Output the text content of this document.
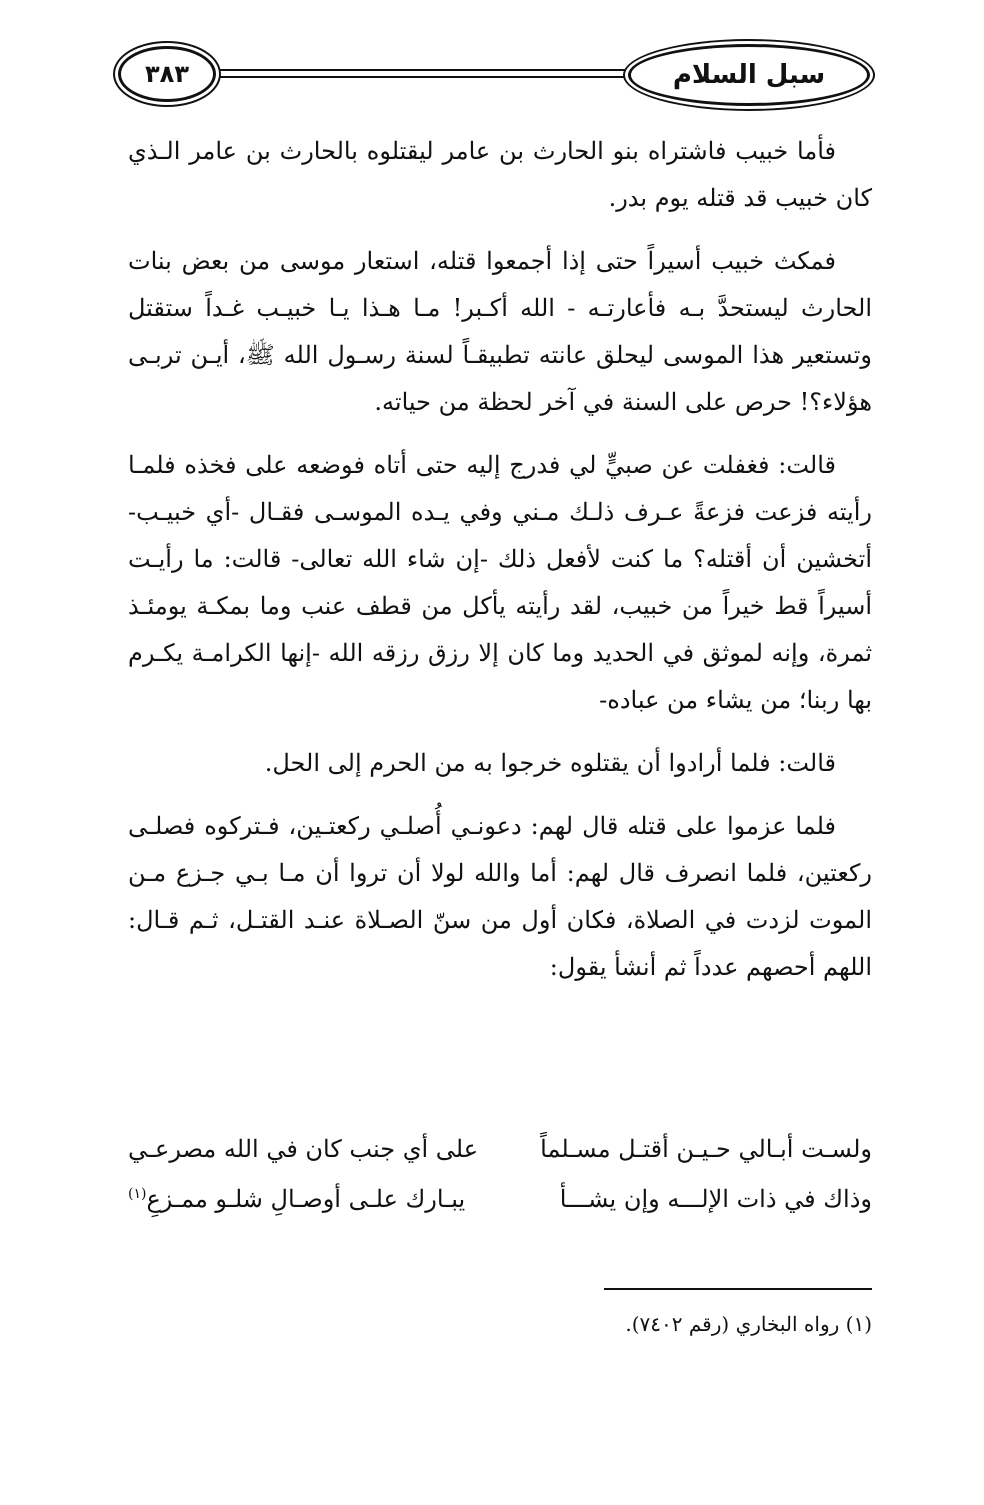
٣٨٣	سبل السلام

فأما خبيب فاشتراه بنو الحارث بن عامر ليقتلوه بالحارث بن عامر الـذي كان خبيب قد قتله يوم بدر.

فمكث خبيب أسيراً حتى إذا أجمعوا قتله، استعار موسى من بعض بنات الحارث ليستحدَّ بـه فأعارتـه - الله أكـبر! مـا هـذا يـا خبيـب غـداً ستقتل وتستعير هذا الموسى ليحلق عانته تطبيقـاً لسنة رسـول الله ﷺ، أيـن تربـى هؤلاء؟! حرص على السنة في آخر لحظة من حياته.

قالت: فغفلت عن صبيٍّ لي فدرج إليه حتى أتاه فوضعه على فخذه فلمـا رأيته فزعت فزعةً عـرف ذلـك مـني وفي يـده الموسـى فقـال -أي خبيـب- أتخشين أن أقتله؟ ما كنت لأفعل ذلك -إن شاء الله تعالى- قالت: ما رأيـت أسيراً قط خيراً من خبيب، لقد رأيته يأكل من قطف عنب وما بمكـة يومئـذ ثمرة، وإنه لموثق في الحديد وما كان إلا رزق رزقه الله -إنها الكرامـة يكـرم بها ربنا؛ من يشاء من عباده-

قالت: فلما أرادوا أن يقتلوه خرجوا به من الحرم إلى الحل.

فلما عزموا على قتله قال لهم: دعونـي أُصلـي ركعتـين، فـتركوه فصلـى ركعتين، فلما انصرف قال لهم: أما والله لولا أن تروا أن مـا بـي جـزع مـن الموت لزدت في الصلاة، فكان أول من سنّ الصـلاة عنـد القتـل، ثـم قـال: اللهم أحصهم عدداً ثم أنشأ يقول:

ولسـت أبـالي حـيـن أقتـل مسـلماً
على أي جنب كان في الله مصرعـي
وذاك في ذات الإلـــه وإن يشـــأ
يبـارك علـى أوصـالِ شلـو ممـزعِ$^{(١)}$
(١) رواه البخاري (رقم ٧٤٠٢).
